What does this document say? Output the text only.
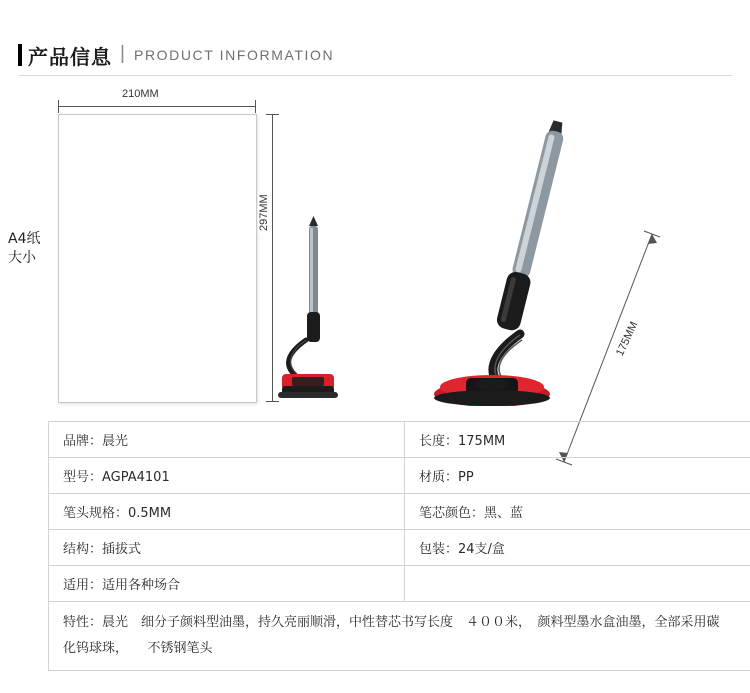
产品信息 | PRODUCT INFORMATION
A4纸
大小
210MM
297MM
175MM
品牌：晨光	长度：175MM
型号：AGPA4101	材质：PP
笔头规格：0.5MM	笔芯颜色：黑、蓝
结构：插拔式	包装：24支/盒
适用：适用各种场合	
特性：晨光　细分子颜料型油墨，持久亮丽顺滑，中性替芯书写长度　４００米，　颜料型墨水盒油墨，全部采用碳
化钨球珠，　　不锈钢笔头	
